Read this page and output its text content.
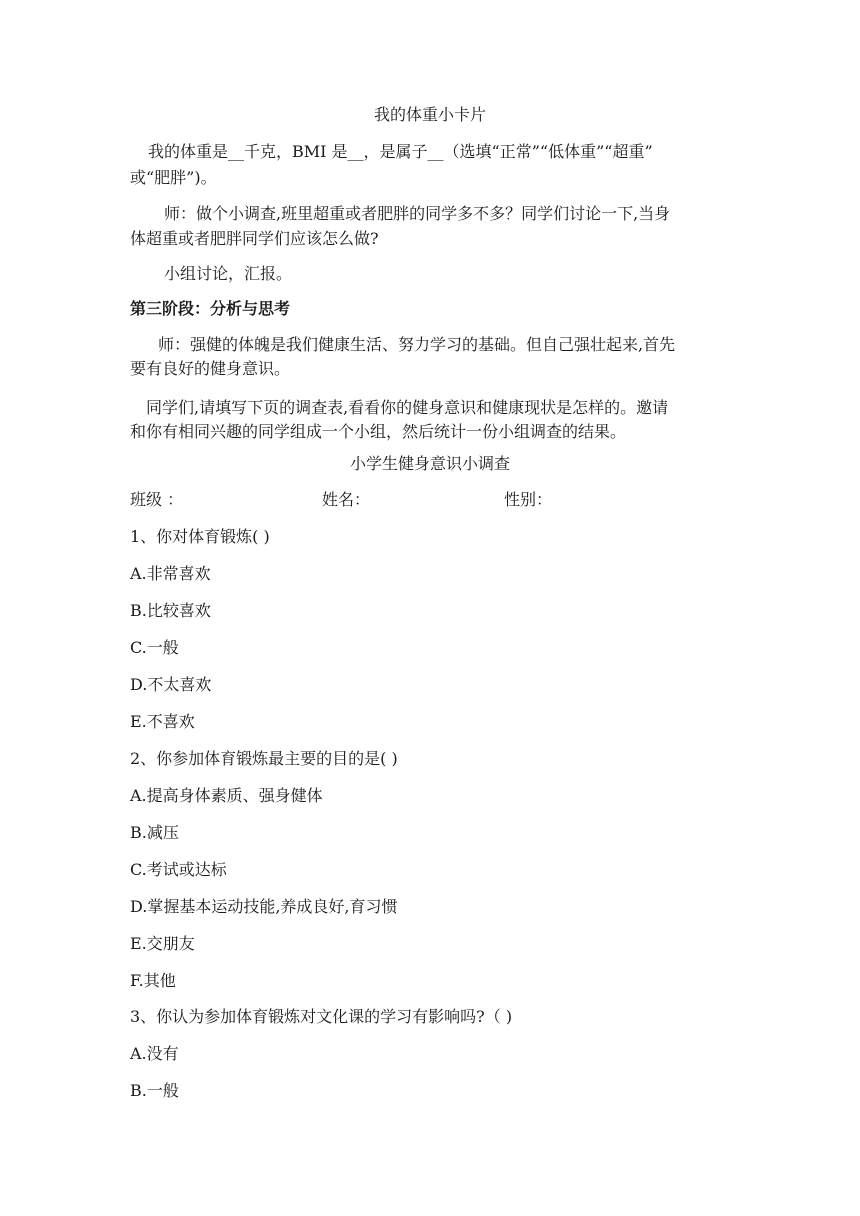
我的体重小卡片
我的体重是__千克，BMI 是__，是属子__（选填“正常”“低体重”“超重”
或“肥胖”)。
师：做个小调查,班里超重或者肥胖的同学多不多？同学们讨论一下,当身
体超重或者肥胖同学们应该怎么做?
小组讨论，汇报。
第三阶段：分析与思考
师：强健的体魄是我们健康生活、努力学习的基础。但自己强壮起来,首先
要有良好的健身意识。
同学们,请填写下页的调查表,看看你的健身意识和健康现状是怎样的。邀请
和你有相同兴趣的同学组成一个小组，然后统计一份小组调查的结果。
小学生健身意识小调查
班级 ：	姓名：	性别：
1、你对体育锻炼( )
A.非常喜欢
B.比较喜欢
C.一般
D.不太喜欢
E.不喜欢
2、你参加体育锻炼最主要的目的是( )
A.提高身体素质、强身健体
B.减压
C.考试或达标
D.掌握基本运动技能,养成良好,育习惯
E.交朋友
F.其他
3、你认为参加体育锻炼对文化课的学习有影响吗?（ )
A.没有
B.一般
